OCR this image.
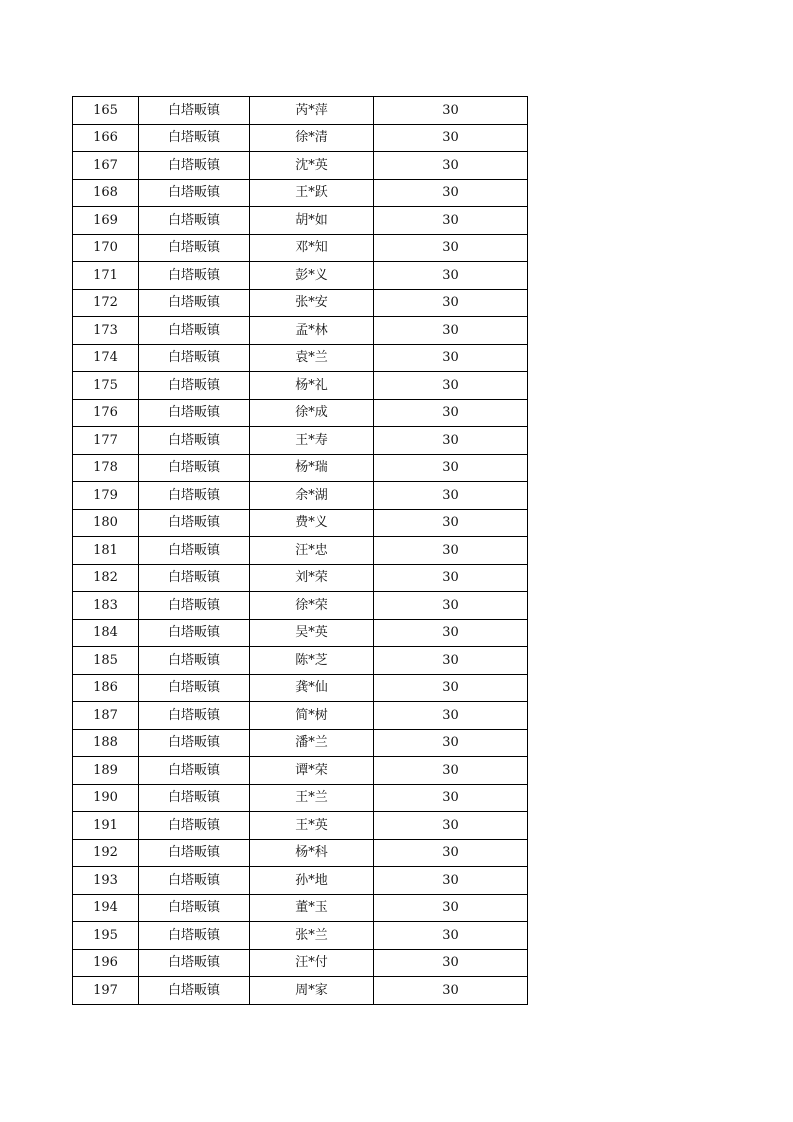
165	白塔畈镇	芮*萍	30
166	白塔畈镇	徐*清	30
167	白塔畈镇	沈*英	30
168	白塔畈镇	王*跃	30
169	白塔畈镇	胡*如	30
170	白塔畈镇	邓*知	30
171	白塔畈镇	彭*义	30
172	白塔畈镇	张*安	30
173	白塔畈镇	孟*林	30
174	白塔畈镇	袁*兰	30
175	白塔畈镇	杨*礼	30
176	白塔畈镇	徐*成	30
177	白塔畈镇	王*寿	30
178	白塔畈镇	杨*瑞	30
179	白塔畈镇	余*湖	30
180	白塔畈镇	费*义	30
181	白塔畈镇	汪*忠	30
182	白塔畈镇	刘*荣	30
183	白塔畈镇	徐*荣	30
184	白塔畈镇	吴*英	30
185	白塔畈镇	陈*芝	30
186	白塔畈镇	龚*仙	30
187	白塔畈镇	简*树	30
188	白塔畈镇	潘*兰	30
189	白塔畈镇	谭*荣	30
190	白塔畈镇	王*兰	30
191	白塔畈镇	王*英	30
192	白塔畈镇	杨*科	30
193	白塔畈镇	孙*地	30
194	白塔畈镇	董*玉	30
195	白塔畈镇	张*兰	30
196	白塔畈镇	汪*付	30
197	白塔畈镇	周*家	30
